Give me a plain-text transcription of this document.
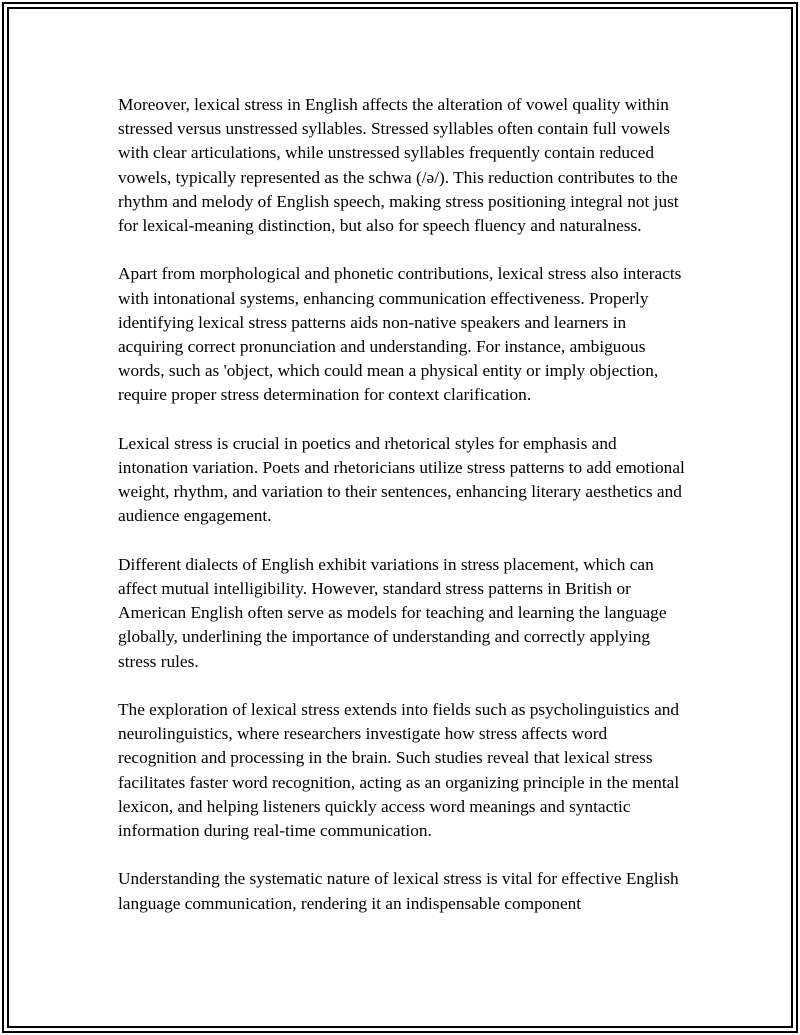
Moreover, lexical stress in English affects the alteration of vowel quality within stressed versus unstressed syllables. Stressed syllables often contain full vowels with clear articulations, while unstressed syllables frequently contain reduced vowels, typically represented as the schwa (/ə/). This reduction contributes to the rhythm and melody of English speech, making stress positioning integral not just for lexical-meaning distinction, but also for speech fluency and naturalness.

Apart from morphological and phonetic contributions, lexical stress also interacts with intonational systems, enhancing communication effectiveness. Properly identifying lexical stress patterns aids non-native speakers and learners in acquiring correct pronunciation and understanding. For instance, ambiguous words, such as 'object, which could mean a physical entity or imply objection, require proper stress determination for context clarification.

Lexical stress is crucial in poetics and rhetorical styles for emphasis and intonation variation. Poets and rhetoricians utilize stress patterns to add emotional weight, rhythm, and variation to their sentences, enhancing literary aesthetics and audience engagement.

Different dialects of English exhibit variations in stress placement, which can affect mutual intelligibility. However, standard stress patterns in British or American English often serve as models for teaching and learning the language globally, underlining the importance of understanding and correctly applying stress rules.

The exploration of lexical stress extends into fields such as psycholinguistics and neurolinguistics, where researchers investigate how stress affects word recognition and processing in the brain. Such studies reveal that lexical stress facilitates faster word recognition, acting as an organizing principle in the mental lexicon, and helping listeners quickly access word meanings and syntactic information during real-time communication.

Understanding the systematic nature of lexical stress is vital for effective English language communication, rendering it an indispensable component
